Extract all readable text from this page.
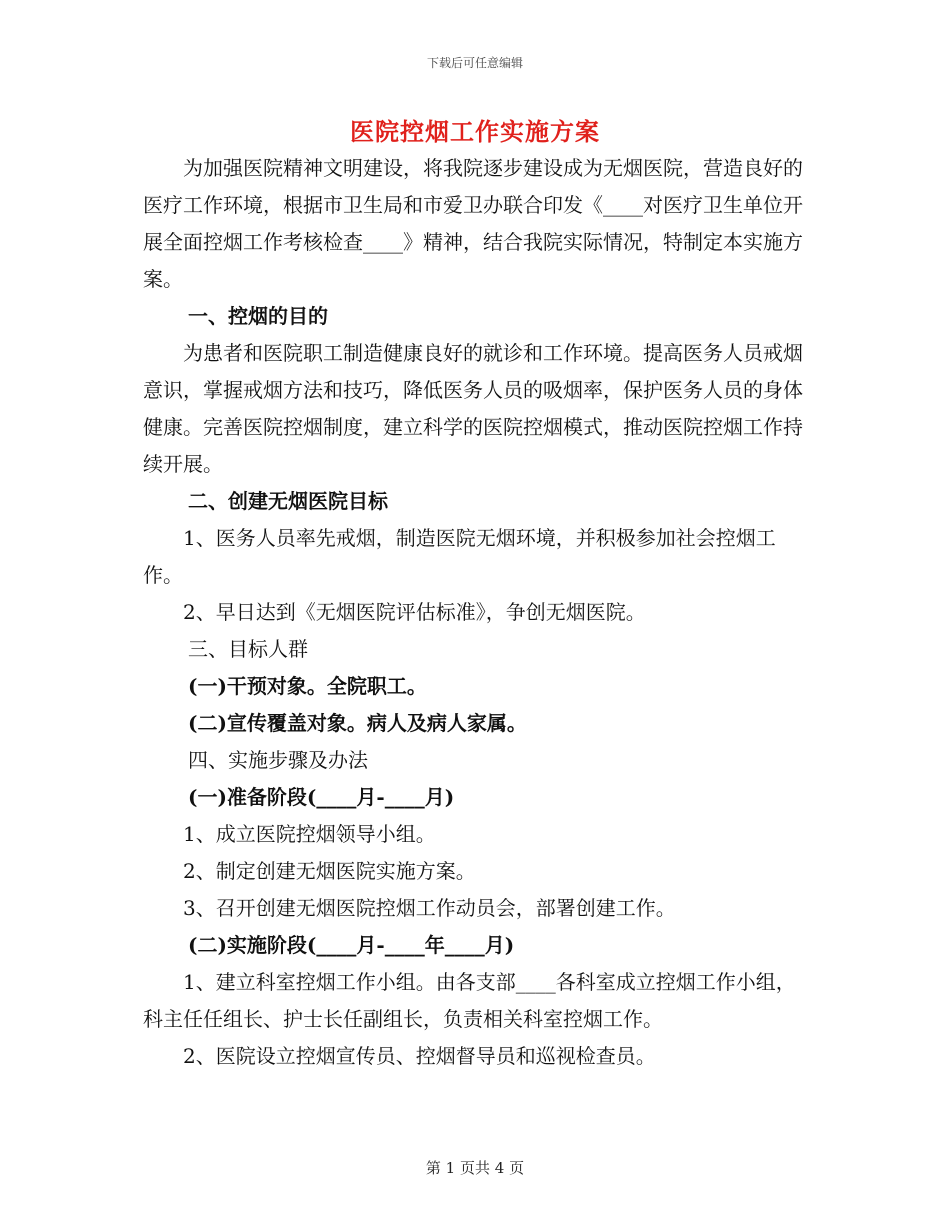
下载后可任意编辑
医院控烟工作实施方案

为加强医院精神文明建设，将我院逐步建设成为无烟医院，营造良好的医疗工作环境，根据市卫生局和市爱卫办联合印发《____对医疗卫生单位开展全面控烟工作考核检查____》精神，结合我院实际情况，特制定本实施方案。

一、控烟的目的

为患者和医院职工制造健康良好的就诊和工作环境。提高医务人员戒烟意识，掌握戒烟方法和技巧，降低医务人员的吸烟率，保护医务人员的身体健康。完善医院控烟制度，建立科学的医院控烟模式，推动医院控烟工作持续开展。

二、创建无烟医院目标

1、医务人员率先戒烟，制造医院无烟环境，并积极参加社会控烟工作。

2、早日达到《无烟医院评估标准》，争创无烟医院。

三、目标人群

(一)干预对象。全院职工。

(二)宣传覆盖对象。病人及病人家属。

四、实施步骤及办法

(一)准备阶段(____月-____月)

1、成立医院控烟领导小组。

2、制定创建无烟医院实施方案。

3、召开创建无烟医院控烟工作动员会，部署创建工作。

(二)实施阶段(____月-____年____月)

1、建立科室控烟工作小组。由各支部____各科室成立控烟工作小组，科主任任组长、护士长任副组长，负责相关科室控烟工作。

2、医院设立控烟宣传员、控烟督导员和巡视检查员。

第 1 页共 4 页
